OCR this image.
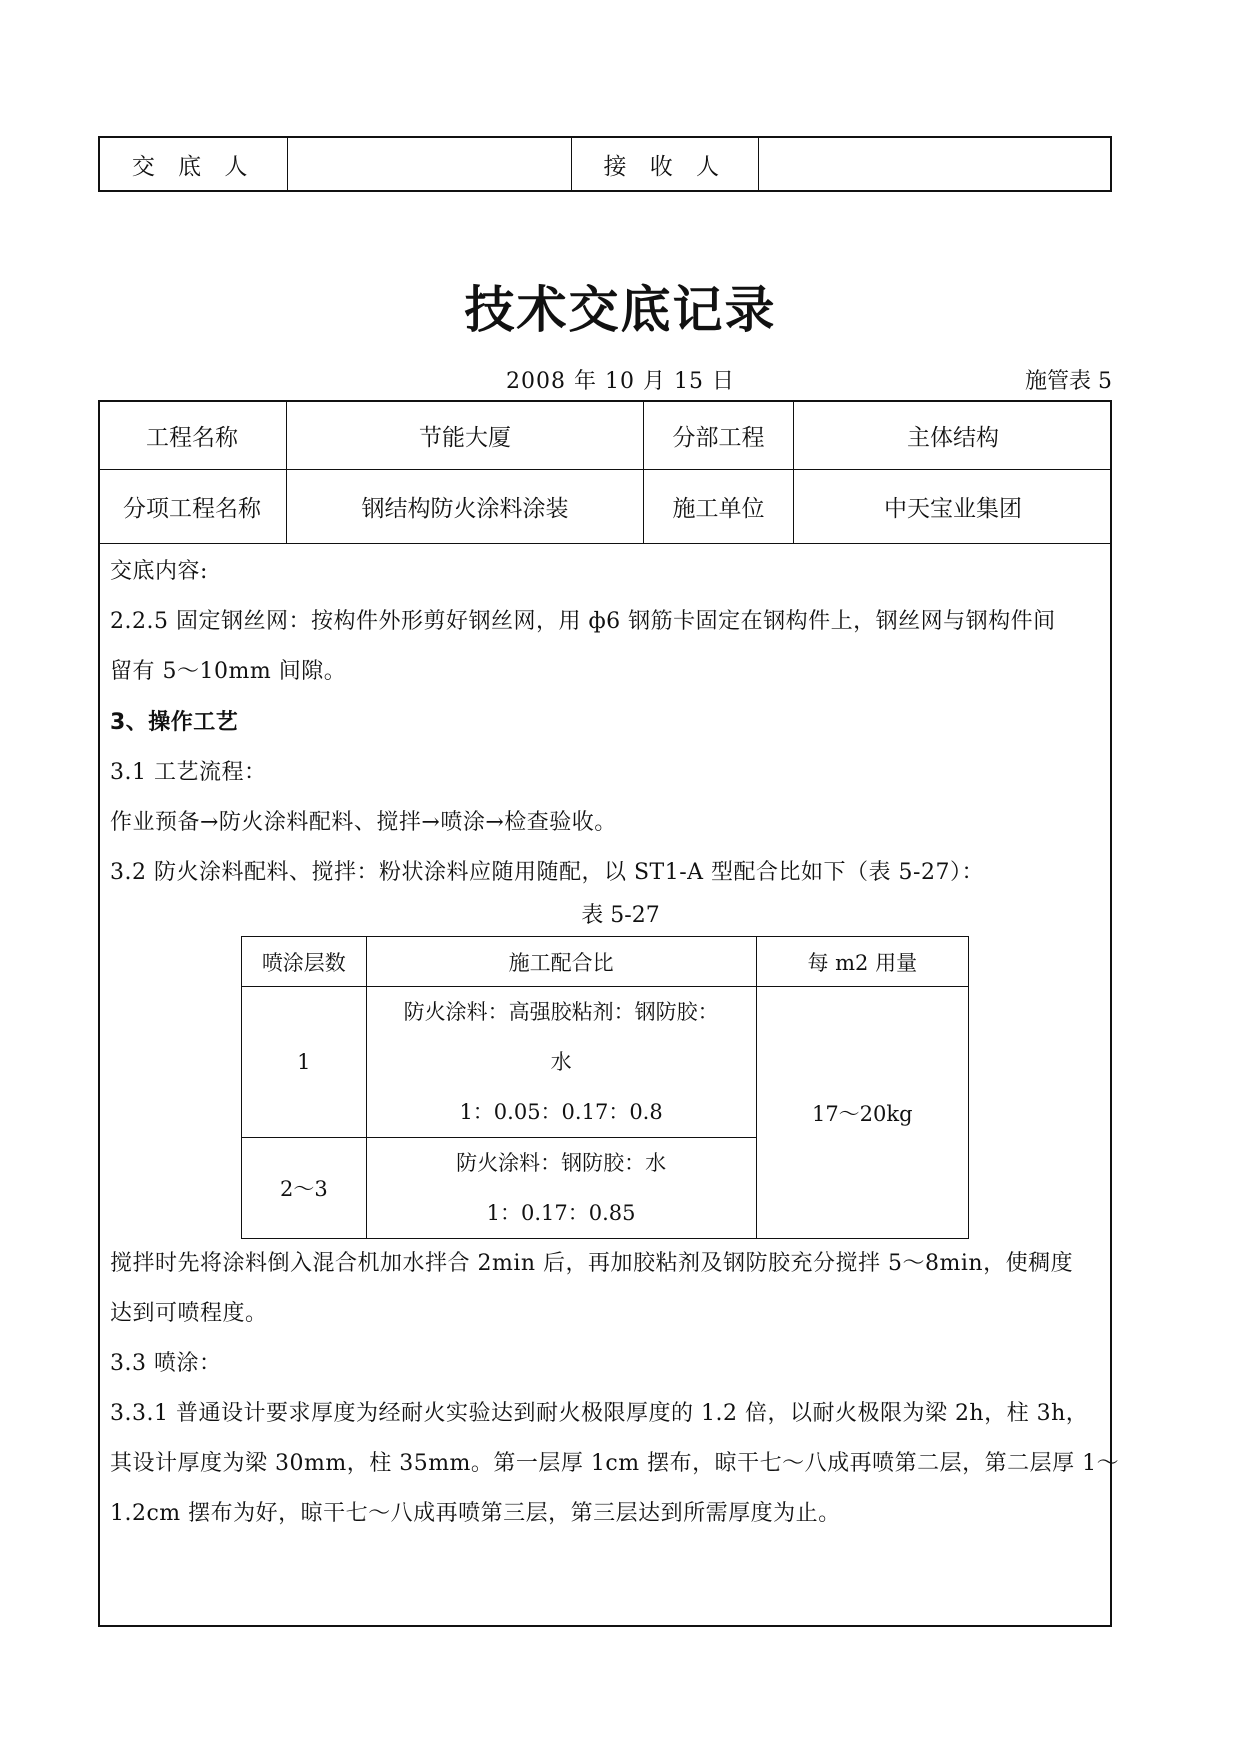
交 底 人	接 收 人
技术交底记录
2008 年 10 月 15 日	施管表 5
工程名称	节能大厦	分部工程	主体结构
分项工程名称	钢结构防火涂料涂装	施工单位	中天宝业集团
交底内容:
2.2.5 固定钢丝网：按构件外形剪好钢丝网，用 ф6 钢筋卡固定在钢构件上，钢丝网与钢构件间
留有 5～10mm 间隙。
3、操作工艺
3.1 工艺流程：
作业预备→防火涂料配料、搅拌→喷涂→检查验收。
3.2 防火涂料配料、搅拌：粉状涂料应随用随配，以 ST1-A 型配合比如下（表 5-27）：
表 5-27
喷涂层数	施工配合比	每 m2 用量
1	防火涂料：高强胶粘剂：钢防胶：
水
1：0.05：0.17：0.8	17～20kg
2～3	防火涂料：钢防胶：水
1：0.17：0.85	
搅拌时先将涂料倒入混合机加水拌合 2min 后，再加胶粘剂及钢防胶充分搅拌 5～8min，使稠度
达到可喷程度。
3.3 喷涂：
3.3.1 普通设计要求厚度为经耐火实验达到耐火极限厚度的 1.2 倍，以耐火极限为梁 2h，柱 3h，
其设计厚度为梁 30mm，柱 35mm。第一层厚 1cm 摆布，晾干七～八成再喷第二层，第二层厚 1～
1.2cm 摆布为好，晾干七～八成再喷第三层，第三层达到所需厚度为止。
